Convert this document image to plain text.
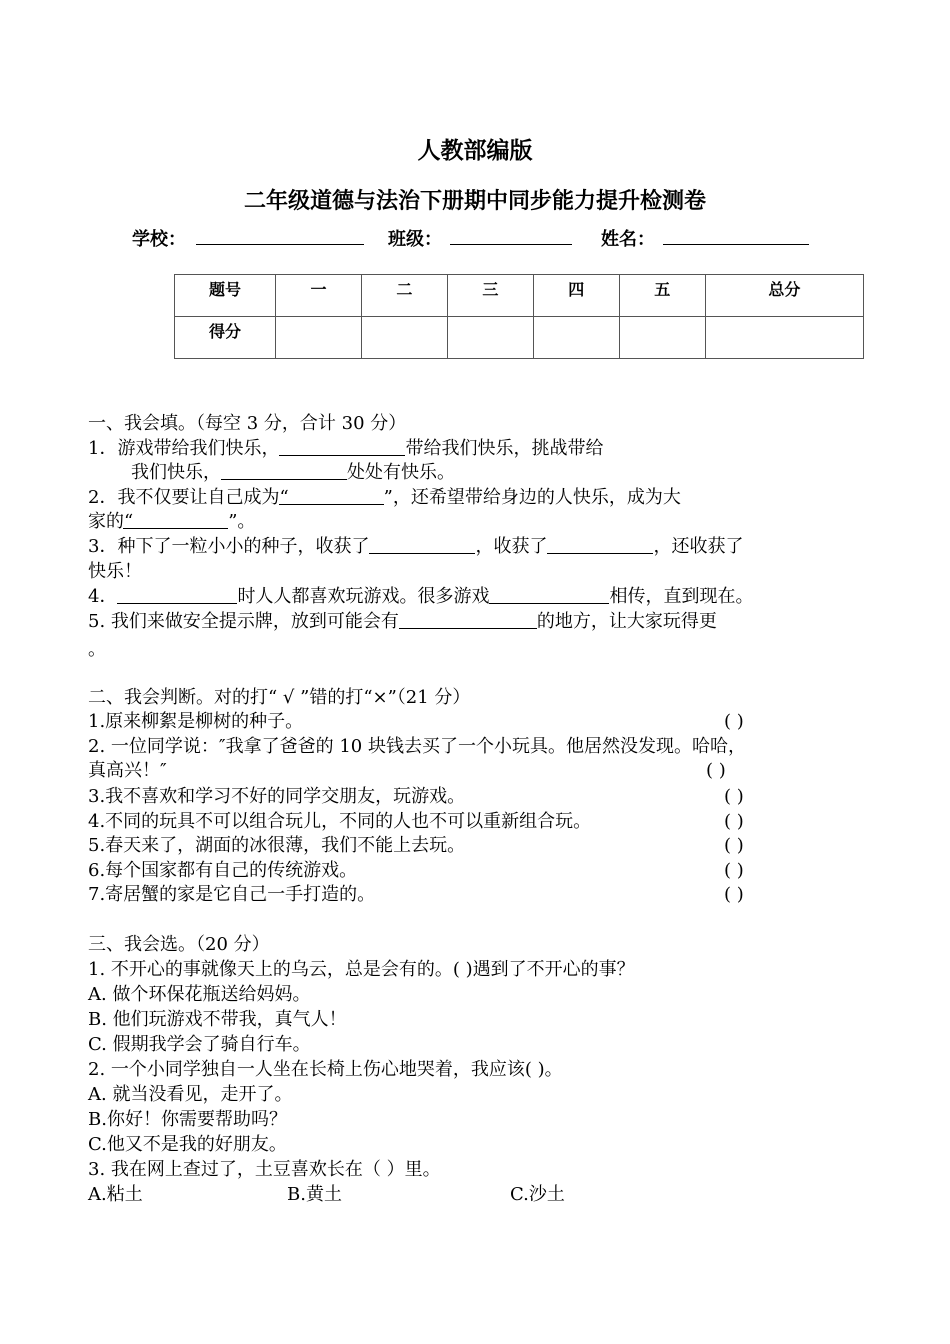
人教部编版
二年级道德与法治下册期中同步能力提升检测卷
学校：	班级：	姓名：
题号	一	二	三	四	五	总分
得分						
一、我会填。（每空 3 分，合计 30 分）
1．游戏带给我们快乐，	带给我们快乐，挑战带给
我们快乐，	处处有快乐。
2．我不仅要让自己成为“	”，还希望带给身边的人快乐，成为大
家的“	”。
3．种下了一粒小小的种子，收获了	，收获了	，还收获了
快乐！
4．	时人人都喜欢玩游戏。很多游戏	相传，直到现在。
5. 我们来做安全提示牌，放到可能会有	的地方，让大家玩得更
。
二、我会判断。对的打“ √ ”错的打“×”（21 分）
1.原来柳絮是柳树的种子。	( )
2. 一位同学说：″我拿了爸爸的 10 块钱去买了一个小玩具。他居然没发现。哈哈，
真高兴！″	( )
3.我不喜欢和学习不好的同学交朋友，玩游戏。	( )
4.不同的玩具不可以组合玩儿，不同的人也不可以重新组合玩。	( )
5.春天来了，湖面的冰很薄，我们不能上去玩。	( )
6.每个国家都有自己的传统游戏。	( )
7.寄居蟹的家是它自己一手打造的。	( )
三、我会选。（20 分）
1. 不开心的事就像天上的乌云，总是会有的。( )遇到了不开心的事？
A. 做个环保花瓶送给妈妈。
B. 他们玩游戏不带我，真气人！
C. 假期我学会了骑自行车。
2. 一个小同学独自一人坐在长椅上伤心地哭着，我应该( )。
A. 就当没看见，走开了。
B.你好！你需要帮助吗？
C.他又不是我的好朋友。
3. 我在网上查过了，土豆喜欢长在（ ）里。
A.粘土	B.黄土	C.沙土
